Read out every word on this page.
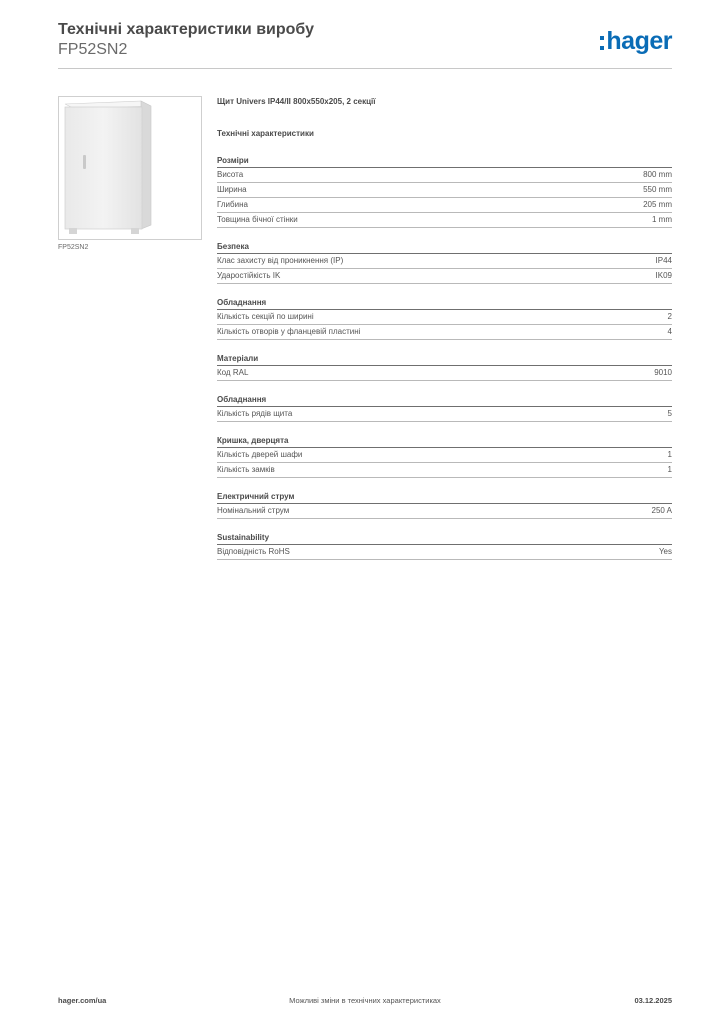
Технічні характеристики виробу
FP52SN2	hager
FP52SN2
Щит Univers IP44/II 800x550x205, 2 секції
Технічні характеристики
Розміри
Висота	800 mm
Ширина	550 mm
Глибина	205 mm
Товщина бічної стінки	1 mm
Безпека
Клас захисту від проникнення (IP)	IP44
Ударостійкість IK	IK09
Обладнання
Кількість секцій по ширині	2
Кількість отворів у фланцевій пластині	4
Матеріали
Код RAL	9010
Обладнання
Кількість рядів щита	5
Кришка, дверцята
Кількість дверей шафи	1
Кількість замків	1
Електричний струм
Номінальний струм	250 A
Sustainability
Відповідність RoHS	Yes
hager.com/ua	Можливі зміни в технічних характеристиках	03.12.2025
